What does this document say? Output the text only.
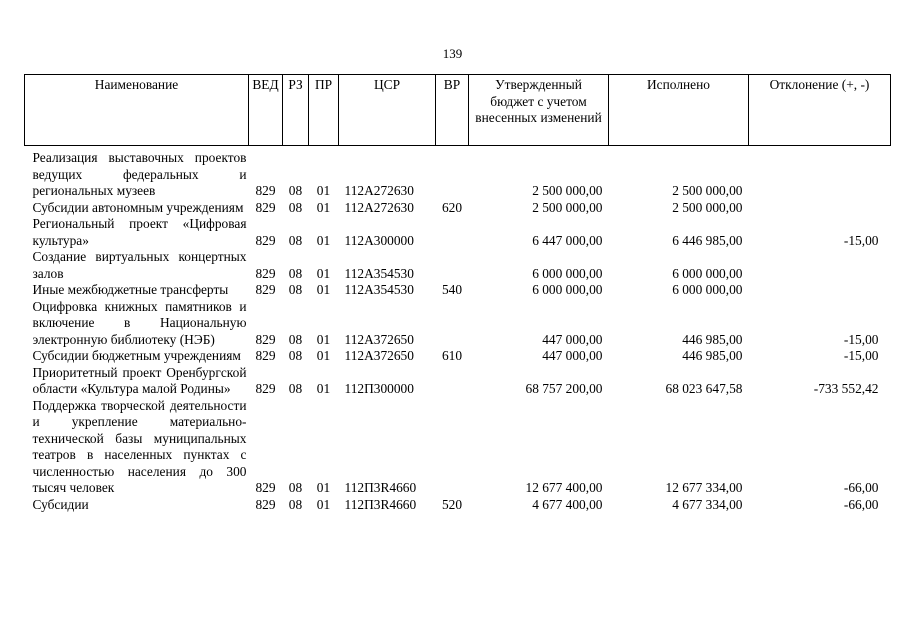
139
Наименование	ВЕД	РЗ	ПР	ЦСР	ВР	Утвержденный бюджет с учетом внесенных изменений	Исполнено	Отклонение (+, -)

Реализация выставочных проектов ведущих федеральных и региональных музеев	829	08	01	112А272630		2 500 000,00	2 500 000,00	
Субсидии автономным учреждениям	829	08	01	112А272630	620	2 500 000,00	2 500 000,00	
Региональный проект «Цифровая культура»	829	08	01	112А300000		6 447 000,00	6 446 985,00	-15,00
Создание виртуальных концертных залов	829	08	01	112А354530		6 000 000,00	6 000 000,00	
Иные межбюджетные трансферты	829	08	01	112А354530	540	6 000 000,00	6 000 000,00	
Оцифровка книжных памятников и включение в Национальную электронную библиотеку (НЭБ)	829	08	01	112А372650		447 000,00	446 985,00	-15,00
Субсидии бюджетным учреждениям	829	08	01	112А372650	610	447 000,00	446 985,00	-15,00
Приоритетный проект Оренбургской области «Культура малой Родины»	829	08	01	112П300000		68 757 200,00	68 023 647,58	-733 552,42
Поддержка творческой деятельности и укрепление материально-технической базы муниципальных театров в населенных пунктах с численностью населения до 300 тысяч человек	829	08	01	112П3R4660		12 677 400,00	12 677 334,00	-66,00
Субсидии	829	08	01	112П3R4660	520	4 677 400,00	4 677 334,00	-66,00
